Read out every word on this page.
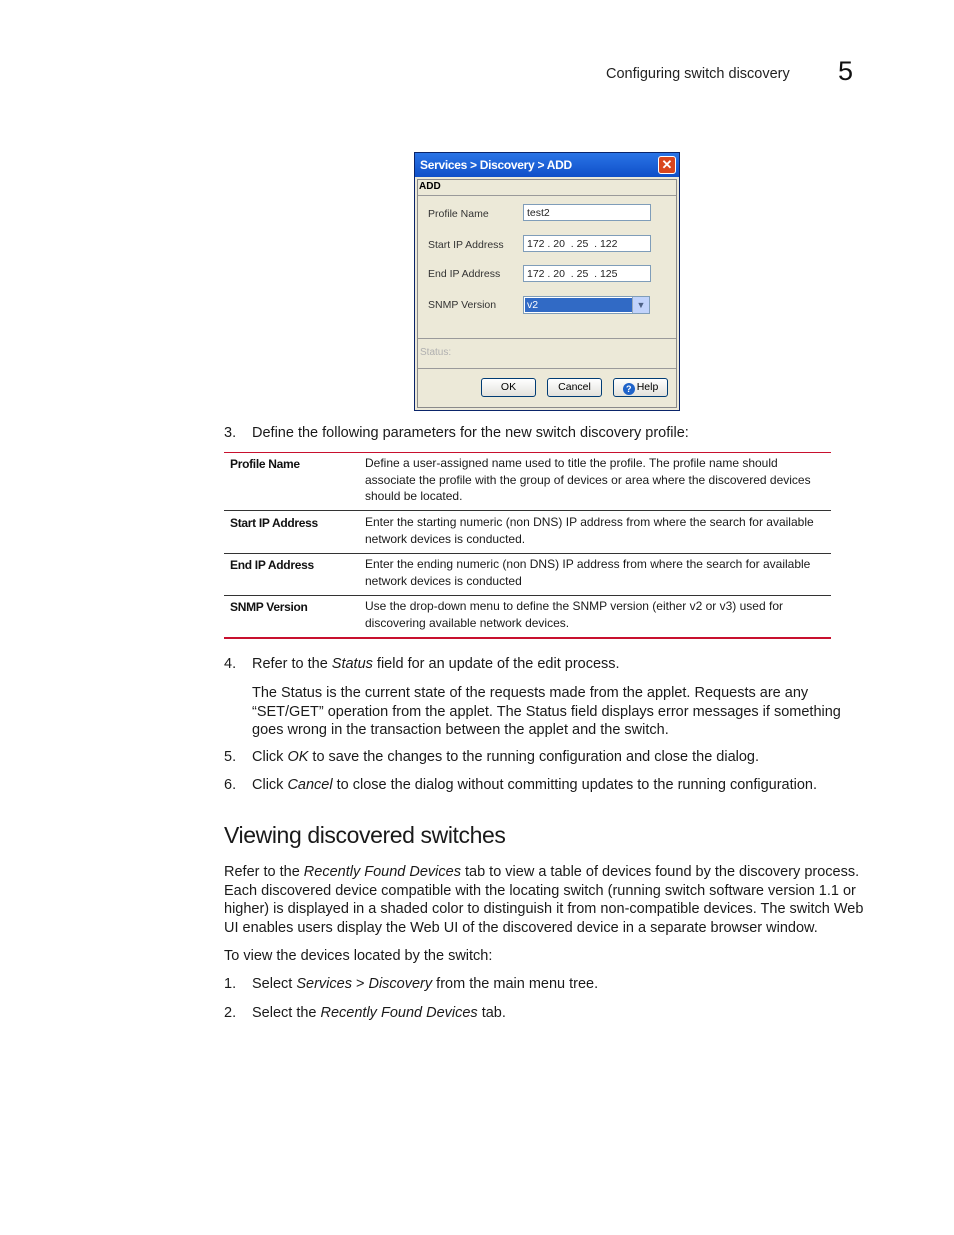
Configuring switch discovery 5
Services > Discovery > ADD	✕
ADD
Profile Name	test2
Start IP Address	172 . 20  . 25  . 122
End IP Address	172 . 20  . 25  . 125
SNMP Version	v2	▼
Status:
OK	Cancel	? Help
3. Define the following parameters for the new switch discovery profile:
Profile Name	Define a user-assigned name used to title the profile. The profile name should associate the profile with the group of devices or area where the discovered devices should be located.
Start IP Address	Enter the starting numeric (non DNS) IP address from where the search for available network devices is conducted.
End IP Address	Enter the ending numeric (non DNS) IP address from where the search for available network devices is conducted
SNMP Version	Use the drop-down menu to define the SNMP version (either v2 or v3) used for discovering available network devices.
4. Refer to the Status field for an update of the edit process.
The Status is the current state of the requests made from the applet. Requests are any “SET/GET” operation from the applet. The Status field displays error messages if something goes wrong in the transaction between the applet and the switch.
5. Click OK to save the changes to the running configuration and close the dialog.
6. Click Cancel to close the dialog without committing updates to the running configuration.
Viewing discovered switches
Refer to the Recently Found Devices tab to view a table of devices found by the discovery process. Each discovered device compatible with the locating switch (running switch software version 1.1 or higher) is displayed in a shaded color to distinguish it from non-compatible devices. The switch Web UI enables users display the Web UI of the discovered device in a separate browser window.
To view the devices located by the switch:
1. Select Services > Discovery from the main menu tree.
2. Select the Recently Found Devices tab.
